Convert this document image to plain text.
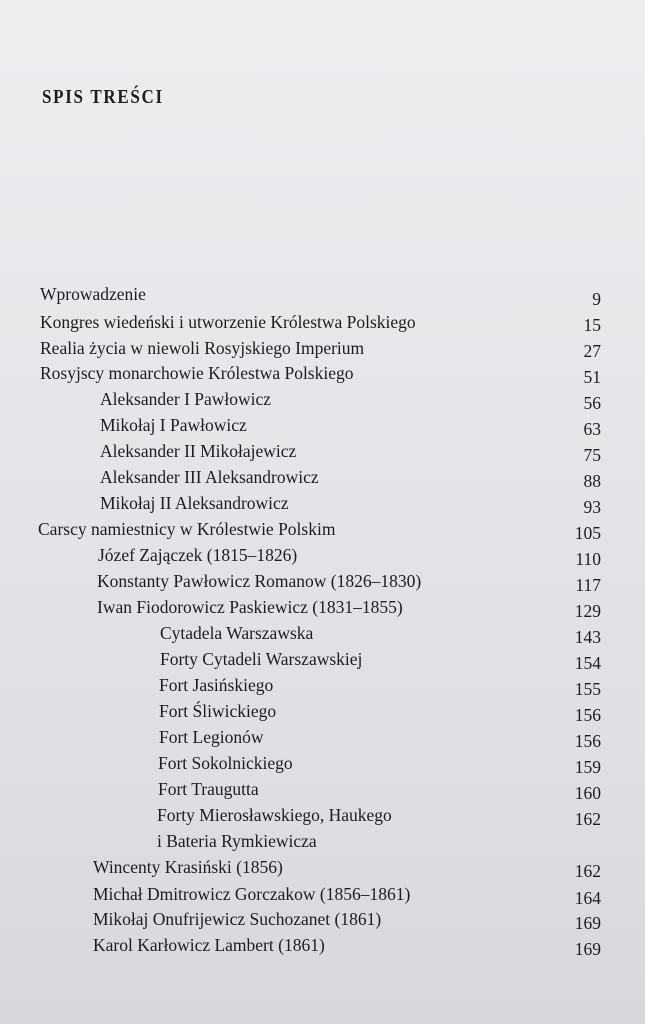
SPIS TREŚCI
Wprowadzenie	9
Kongres wiedeński i utworzenie Królestwa Polskiego	15
Realia życia w niewoli Rosyjskiego Imperium	27
Rosyjscy monarchowie Królestwa Polskiego	51
Aleksander I Pawłowicz	56
Mikołaj I Pawłowicz	63
Aleksander II Mikołajewicz	75
Aleksander III Aleksandrowicz	88
Mikołaj II Aleksandrowicz	93
Carscy namiestnicy w Królestwie Polskim	105
Józef Zajączek (1815–1826)	110
Konstanty Pawłowicz Romanow (1826–1830)	117
Iwan Fiodorowicz Paskiewicz (1831–1855)	129
Cytadela Warszawska	143
Forty Cytadeli Warszawskiej	154
Fort Jasińskiego	155
Fort Śliwickiego	156
Fort Legionów	156
Fort Sokolnickiego	159
Fort Traugutta	160
Forty Mierosławskiego, Haukego	162
i Bateria Rymkiewicza
Wincenty Krasiński (1856)	162
Michał Dmitrowicz Gorczakow (1856–1861)	164
Mikołaj Onufrijewicz Suchozanet (1861)	169
Karol Karłowicz Lambert (1861)	169
